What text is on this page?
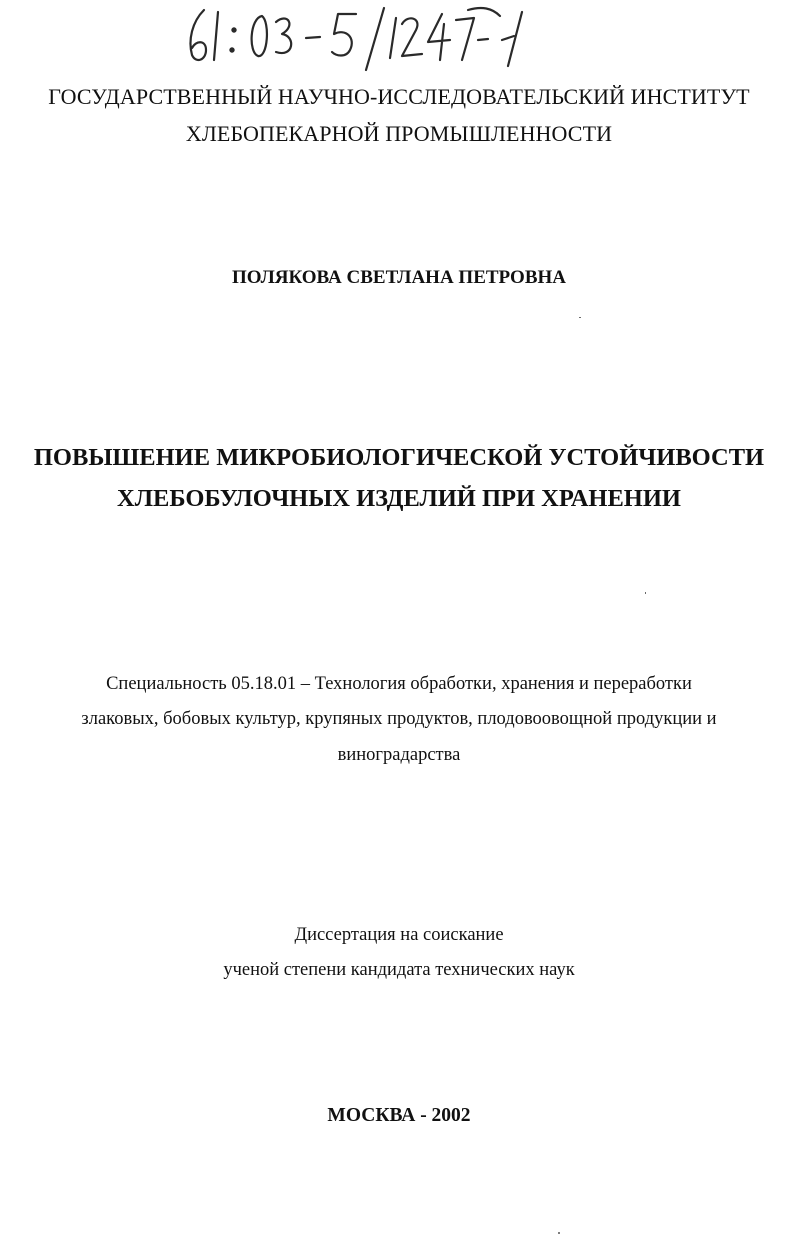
ГОСУДАРСТВЕННЫЙ НАУЧНО-ИССЛЕДОВАТЕЛЬСКИЙ ИНСТИТУТ
ХЛЕБОПЕКАРНОЙ ПРОМЫШЛЕННОСТИ
ПОЛЯКОВА СВЕТЛАНА ПЕТРОВНА
ПОВЫШЕНИЕ МИКРОБИОЛОГИЧЕСКОЙ УСТОЙЧИВОСТИ
ХЛЕБОБУЛОЧНЫХ ИЗДЕЛИЙ ПРИ ХРАНЕНИИ
Специальность 05.18.01 – Технология обработки, хранения и переработки
злаковых, бобовых культур, крупяных продуктов, плодовоовощной продукции и
виноградарства
Диссертация на соискание
ученой степени кандидата технических наук
МОСКВА - 2002
